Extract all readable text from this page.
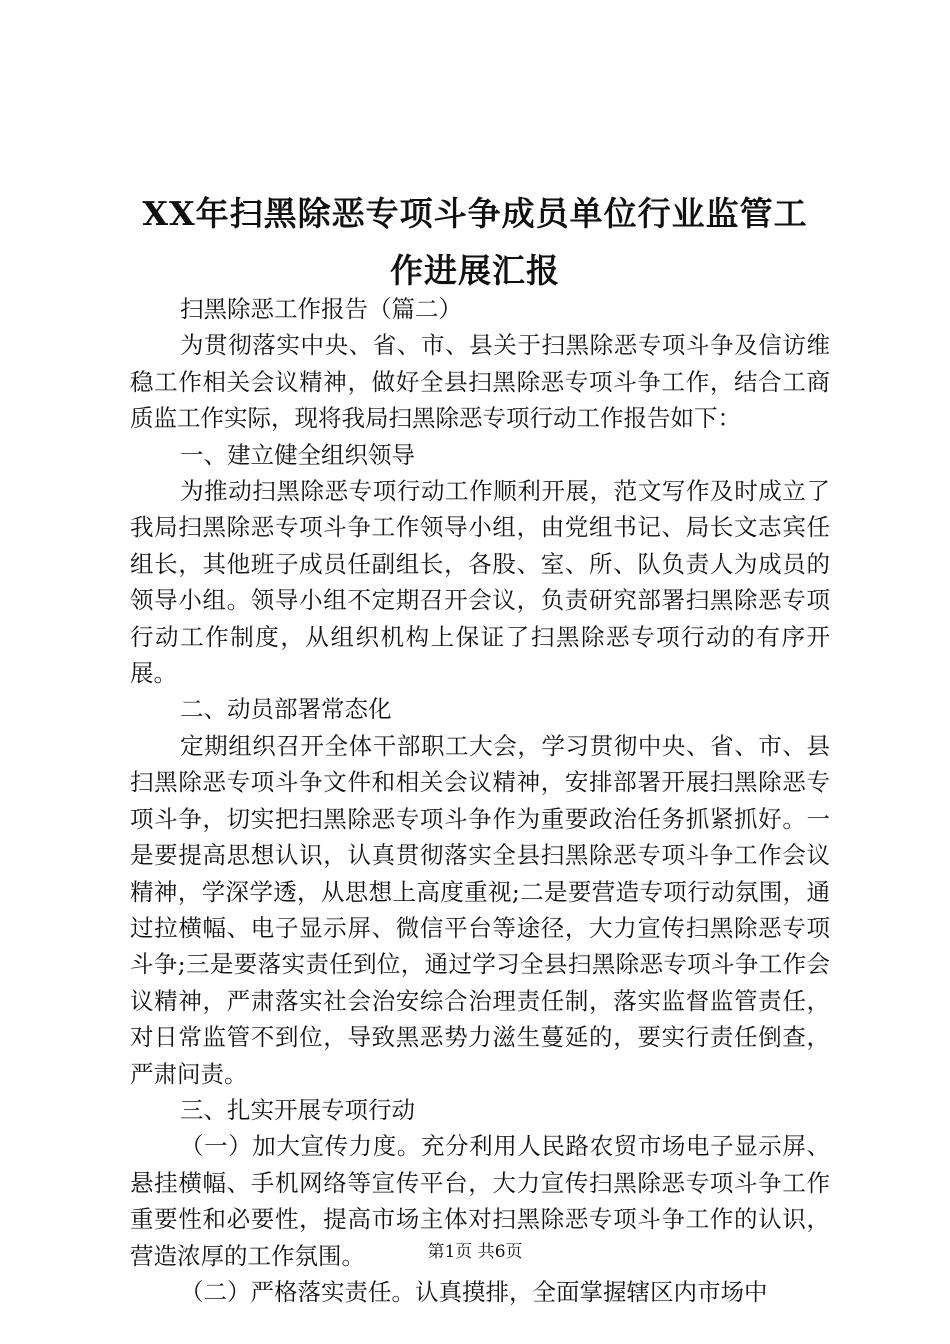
XX年扫黑除恶专项斗争成员单位行业监管工
作进展汇报

扫黑除恶工作报告（篇二）

为贯彻落实中央、省、市、县关于扫黑除恶专项斗争及信访维稳工作相关会议精神，做好全县扫黑除恶专项斗争工作，结合工商质监工作实际，现将我局扫黑除恶专项行动工作报告如下：

一、建立健全组织领导

为推动扫黑除恶专项行动工作顺利开展，范文写作及时成立了我局扫黑除恶专项斗争工作领导小组，由党组书记、局长文志宾任组长，其他班子成员任副组长，各股、室、所、队负责人为成员的领导小组。领导小组不定期召开会议，负责研究部署扫黑除恶专项行动工作制度，从组织机构上保证了扫黑除恶专项行动的有序开展。

二、动员部署常态化

定期组织召开全体干部职工大会，学习贯彻中央、省、市、县扫黑除恶专项斗争文件和相关会议精神，安排部署开展扫黑除恶专项斗争，切实把扫黑除恶专项斗争作为重要政治任务抓紧抓好。一是要提高思想认识，认真贯彻落实全县扫黑除恶专项斗争工作会议精神，学深学透，从思想上高度重视;二是要营造专项行动氛围，通过拉横幅、电子显示屏、微信平台等途径，大力宣传扫黑除恶专项斗争;三是要落实责任到位，通过学习全县扫黑除恶专项斗争工作会议精神，严肃落实社会治安综合治理责任制，落实监督监管责任，对日常监管不到位，导致黑恶势力滋生蔓延的，要实行责任倒查，严肃问责。

三、扎实开展专项行动

（一）加大宣传力度。充分利用人民路农贸市场电子显示屏、悬挂横幅、手机网络等宣传平台，大力宣传扫黑除恶专项斗争工作重要性和必要性，提高市场主体对扫黑除恶专项斗争工作的认识，营造浓厚的工作氛围。

（二）严格落实责任。认真摸排，全面掌握辖区内市场中

第1页 共6页
